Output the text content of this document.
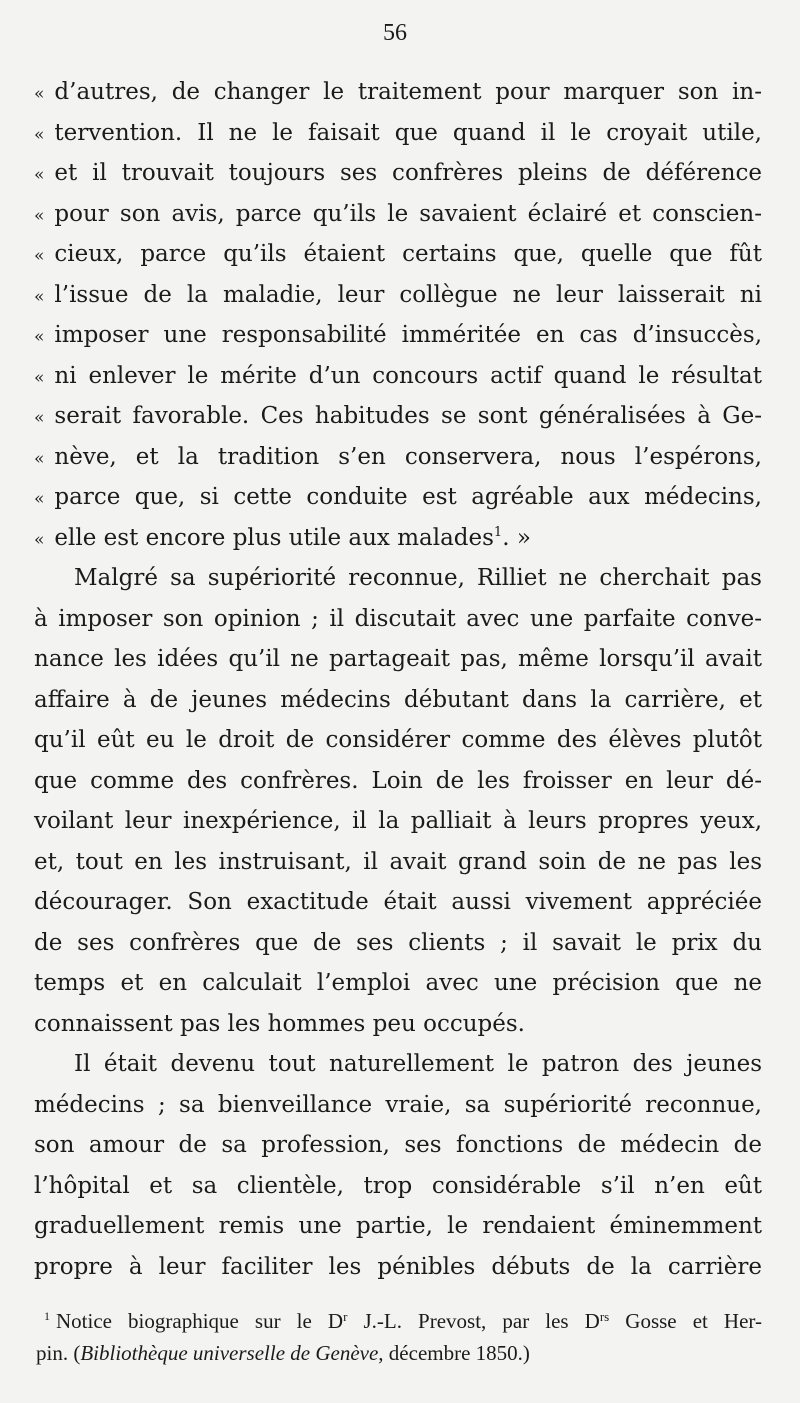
56
« d’autres, de changer le traitement pour marquer son in-
« tervention. Il ne le faisait que quand il le croyait utile,
« et il trouvait toujours ses confrères pleins de déférence
« pour son avis, parce qu’ils le savaient éclairé et conscien-
« cieux, parce qu’ils étaient certains que, quelle que fût
« l’issue de la maladie, leur collègue ne leur laisserait ni
« imposer une responsabilité imméritée en cas d’insuccès,
« ni enlever le mérite d’un concours actif quand le résultat
« serait favorable. Ces habitudes se sont généralisées à Ge-
« nève, et la tradition s’en conservera, nous l’espérons,
« parce que, si cette conduite est agréable aux médecins,
« elle est encore plus utile aux malades$^1$. »
Malgré sa supériorité reconnue, Rilliet ne cherchait pas
à imposer son opinion ; il discutait avec une parfaite conve-
nance les idées qu’il ne partageait pas, même lorsqu’il avait
affaire à de jeunes médecins débutant dans la carrière, et
qu’il eût eu le droit de considérer comme des élèves plutôt
que comme des confrères. Loin de les froisser en leur dé-
voilant leur inexpérience, il la palliait à leurs propres yeux,
et, tout en les instruisant, il avait grand soin de ne pas les
décourager. Son exactitude était aussi vivement appréciée
de ses confrères que de ses clients ; il savait le prix du
temps et en calculait l’emploi avec une précision que ne
connaissent pas les hommes peu occupés.
Il était devenu tout naturellement le patron des jeunes
médecins ; sa bienveillance vraie, sa supériorité reconnue,
son amour de sa profession, ses fonctions de médecin de
l’hôpital et sa clientèle, trop considérable s’il n’en eût
graduellement remis une partie, le rendaient éminemment
propre à leur faciliter les pénibles débuts de la carrière
$^1$ Notice biographique sur le D$^r$ J.-L. Prevost, par les D$^{rs}$ Gosse et Her-
pin. (Bibliothèque universelle de Genève, décembre 1850.)
